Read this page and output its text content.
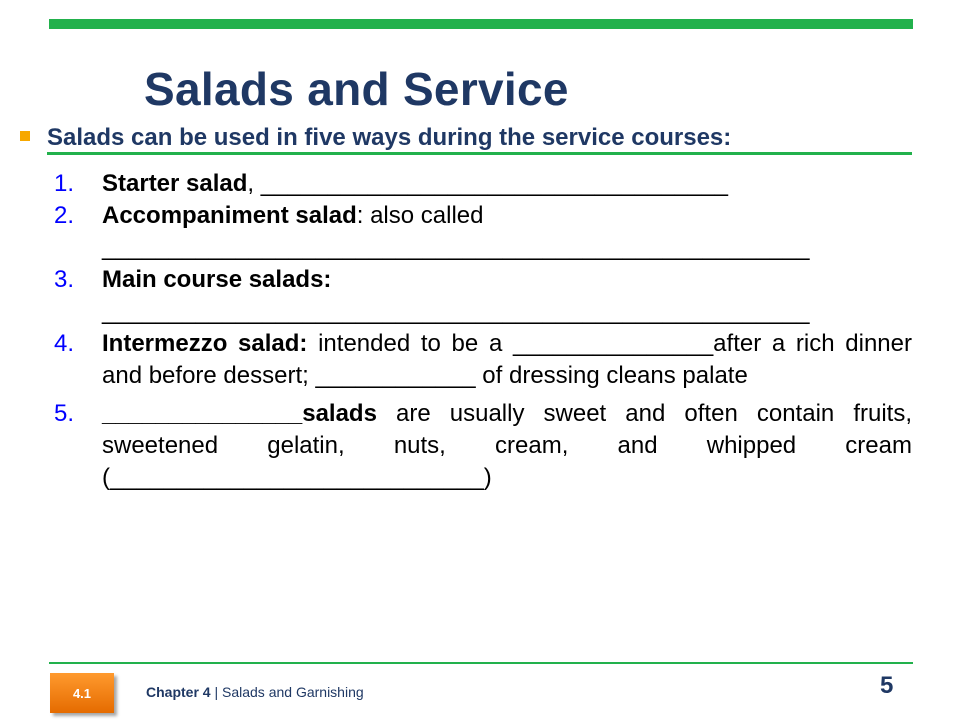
Salads and Service
Salads can be used in five ways during the service courses:
1. Starter salad, ___________________________________
2. Accompaniment salad: also called
_____________________________________________________
3. Main course salads:
_____________________________________________________
4. Intermezzo salad: intended to be a _______________after a rich dinner and before dessert; ____________ of dressing cleans palate
5. _______________salads are usually sweet and often contain fruits, sweetened gelatin, nuts, cream, and whipped cream (____________________________)
4.1	Chapter 4 | Salads and Garnishing	5
